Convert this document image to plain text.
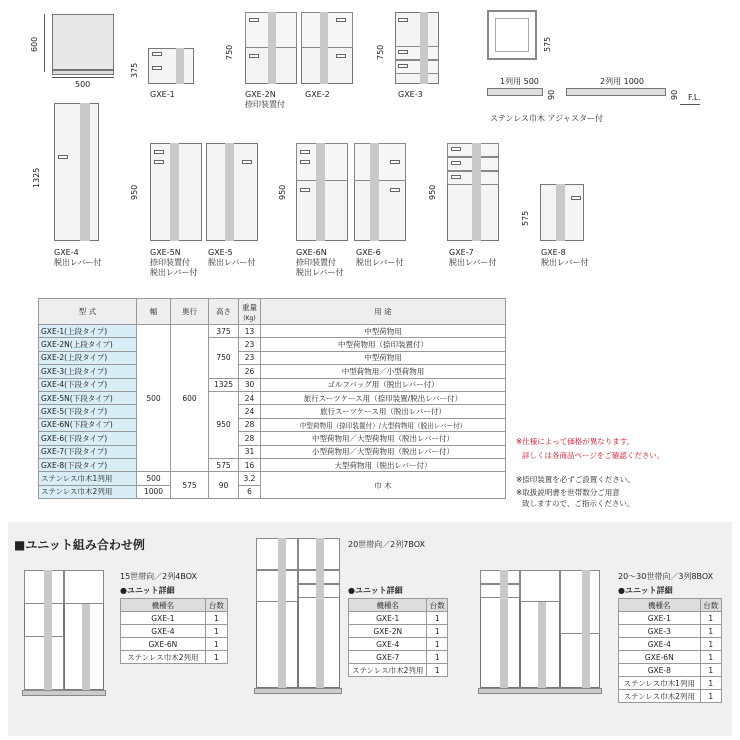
600
500
375
GXE-1
750
GXE-2N
捺印装置付
GXE-2
750
GXE-3
575
1列用 500	2列用 1000
90	90 F.L.
ステンレス巾木 アジャスター付
1325
GXE-4
脱出レバー付
950
GXE-5N
捺印装置付
脱出レバー付
GXE-5
脱出レバー付
950
GXE-6N
捺印装置付
脱出レバー付
GXE-6
脱出レバー付
950
GXE-7
脱出レバー付
575
GXE-8
脱出レバー付
型 式	幅	奥行	高さ	重量
(Kg)	用 途
GXE-1(上段タイプ)	500	600	375	13	中型荷物用
GXE-2N(上段タイプ)			750	23	中型荷物用（捺印装置付）
GXE-2(上段タイプ)				23	中型荷物用
GXE-3(上段タイプ)				26	中型荷物用／小型荷物用
GXE-4(下段タイプ)			1325	30	ゴルフバッグ用（脱出レバー付）
GXE-5N(下段タイプ)			950	24	旅行スーツケース用（捺印装置/脱出レバー付）
GXE-5(下段タイプ)				24	旅行スーツケース用（脱出レバー付）
GXE-6N(下段タイプ)				28	中型荷物用（捺印装置付）/大型荷物用（脱出レバー付）
GXE-6(下段タイプ)				28	中型荷物用／大型荷物用（脱出レバー付）
GXE-7(下段タイプ)				31	小型荷物用／大型荷物用（脱出レバー付）
GXE-8(下段タイプ)			575	16	大型荷物用（脱出レバー付）
ステンレス巾木1列用	500	575	90	3.2	巾 木
ステンレス巾木2列用	1000			6	
※仕様によって価格が異なります。
詳しくは各商品ページをご確認ください。
※捺印装置を必ずご設置ください。
※取扱説明書を世帯数分ご用意
致しますので、ご指示ください。
■ユニット組み合わせ例
15世帯向／2列4BOX
●ユニット詳細
機種名	台数
GXE-1	1
GXE-4	1
GXE-6N	1
ステンレス巾木2列用	1
20世帯向／2列7BOX
●ユニット詳細
機種名	台数
GXE-1	1
GXE-2N	1
GXE-4	1
GXE-7	1
ステンレス巾木2列用	1
20～30世帯向／3列8BOX
●ユニット詳細
機種名	台数
GXE-1	1
GXE-3	1
GXE-4	1
GXE-6N	1
GXE-8	1
ステンレス巾木1列用	1
ステンレス巾木2列用	1
